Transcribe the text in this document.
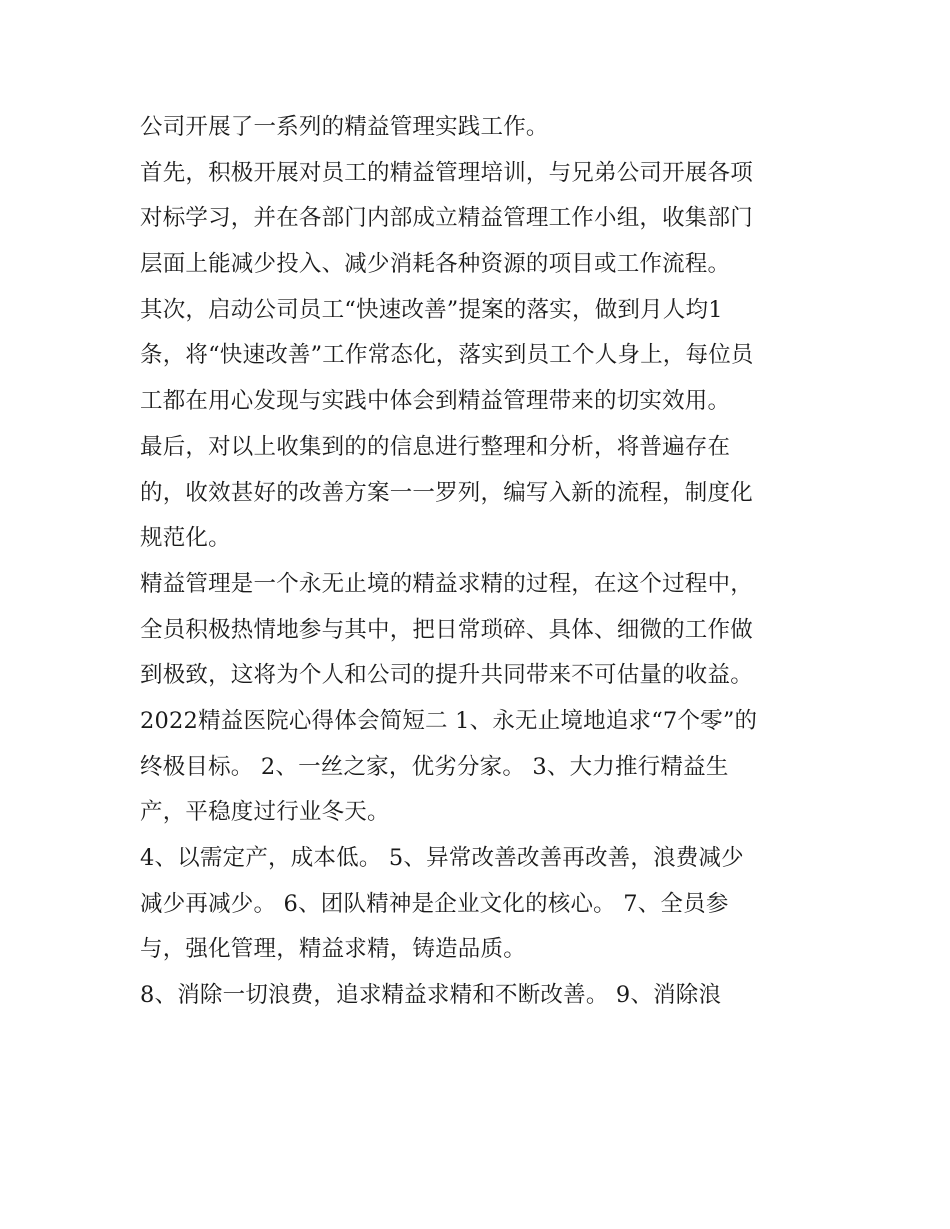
公司开展了一系列的精益管理实践工作。
首先，积极开展对员工的精益管理培训，与兄弟公司开展各项
对标学习，并在各部门内部成立精益管理工作小组，收集部门
层面上能减少投入、减少消耗各种资源的项目或工作流程。
其次，启动公司员工“快速改善”提案的落实，做到月人均1
条，将“快速改善”工作常态化，落实到员工个人身上，每位员
工都在用心发现与实践中体会到精益管理带来的切实效用。
最后，对以上收集到的的信息进行整理和分析，将普遍存在
的，收效甚好的改善方案一一罗列，编写入新的流程，制度化
规范化。
精益管理是一个永无止境的精益求精的过程，在这个过程中，
全员积极热情地参与其中，把日常琐碎、具体、细微的工作做
到极致，这将为个人和公司的提升共同带来不可估量的收益。
2022精益医院心得体会简短二 1、永无止境地追求“7个零”的
终极目标。 2、一丝之家，优劣分家。 3、大力推行精益生
产，平稳度过行业冬天。
4、以需定产，成本低。 5、异常改善改善再改善，浪费减少
减少再减少。 6、团队精神是企业文化的核心。 7、全员参
与，强化管理，精益求精，铸造品质。
8、消除一切浪费，追求精益求精和不断改善。 9、消除浪
